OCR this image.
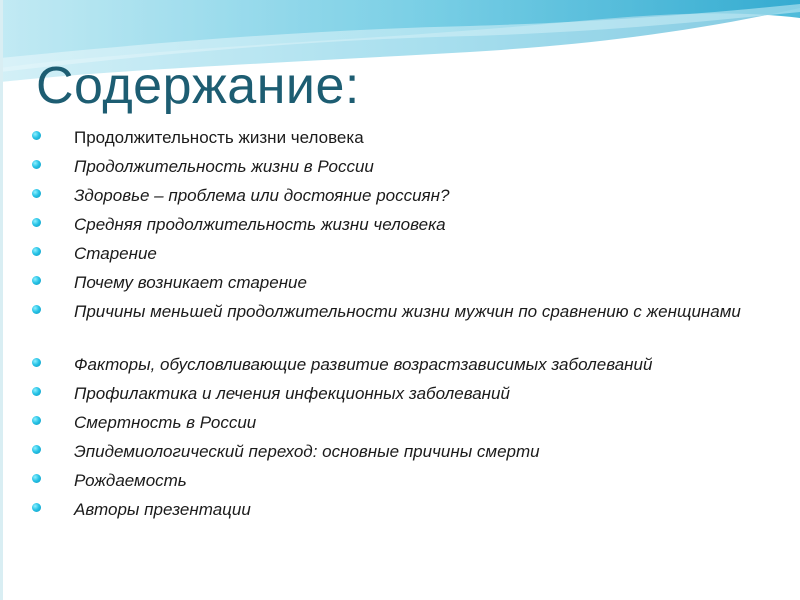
Содержание:
Продолжительность жизни человека
Продолжительность жизни в России
Здоровье – проблема или достояние россиян?
Средняя продолжительность жизни человека
Старение
Почему возникает старение
Причины меньшей продолжительности жизни мужчин по сравнению с женщинами
Факторы, обусловливающие развитие возрастзависимых заболеваний
Профилактика и лечения инфекционных заболеваний
Смертность в России
Эпидемиологический переход: основные причины смерти
Рождаемость
Авторы презентации
